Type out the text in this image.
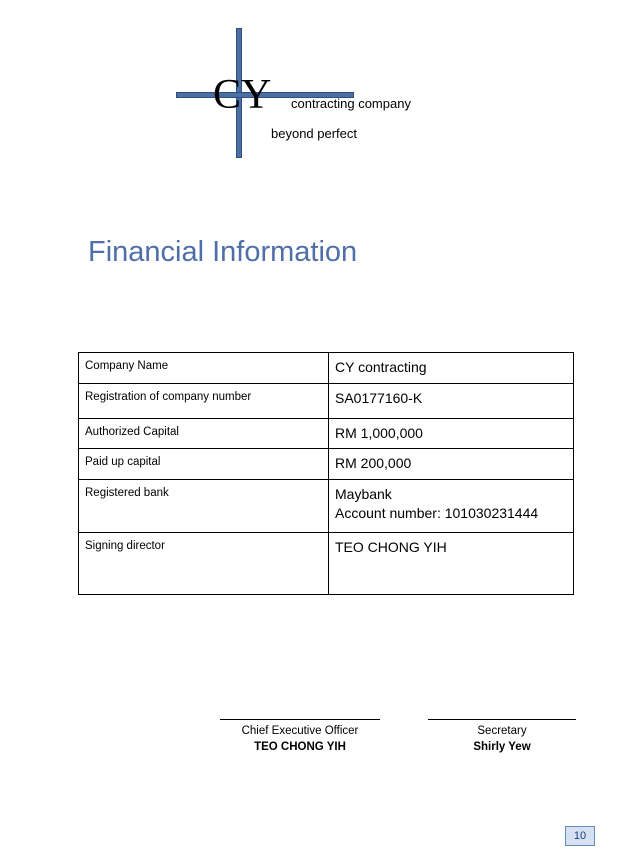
CY contracting company
beyond perfect
Financial Information
Company Name	CY contracting

Registration of company number	SA0177160-K

Authorized Capital	RM 1,000,000

Paid up capital	RM 200,000

Registered bank	Maybank
Account number: 101030231444

Signing director	TEO CHONG YIH
Chief Executive Officer
TEO CHONG YIH
Secretary
Shirly Yew
10
